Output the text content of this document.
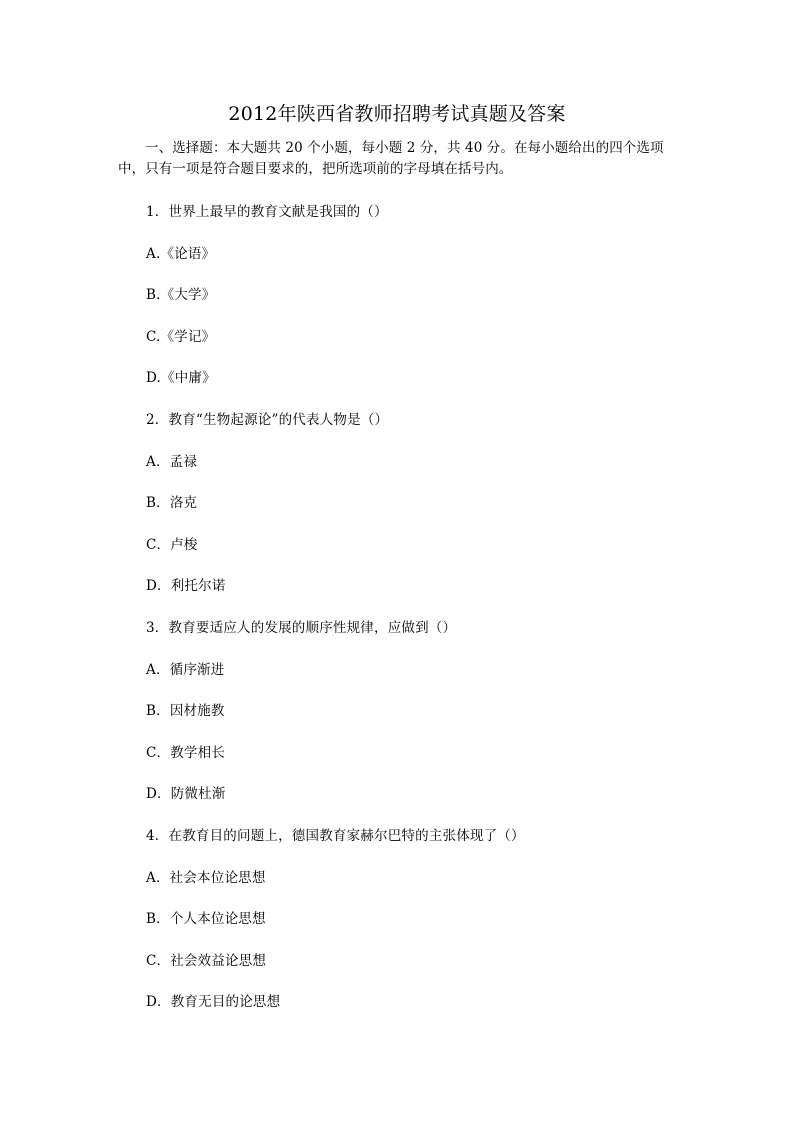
2012年陕西省教师招聘考试真题及答案
一、选择题：本大题共 20 个小题，每小题 2 分，共 40 分。在每小题给出的四个选项中，只有一项是符合题目要求的，把所选项前的字母填在括号内。
1．世界上最早的教育文献是我国的（）
A.《论语》
B.《大学》
C.《学记》
D.《中庸》
2．教育“生物起源论”的代表人物是（）
A．孟禄
B．洛克
C．卢梭
D．利托尔诺
3．教育要适应人的发展的顺序性规律，应做到（）
A．循序渐进
B．因材施教
C．教学相长
D．防微杜渐
4．在教育目的问题上，德国教育家赫尔巴特的主张体现了（）
A．社会本位论思想
B．个人本位论思想
C．社会效益论思想
D．教育无目的论思想
